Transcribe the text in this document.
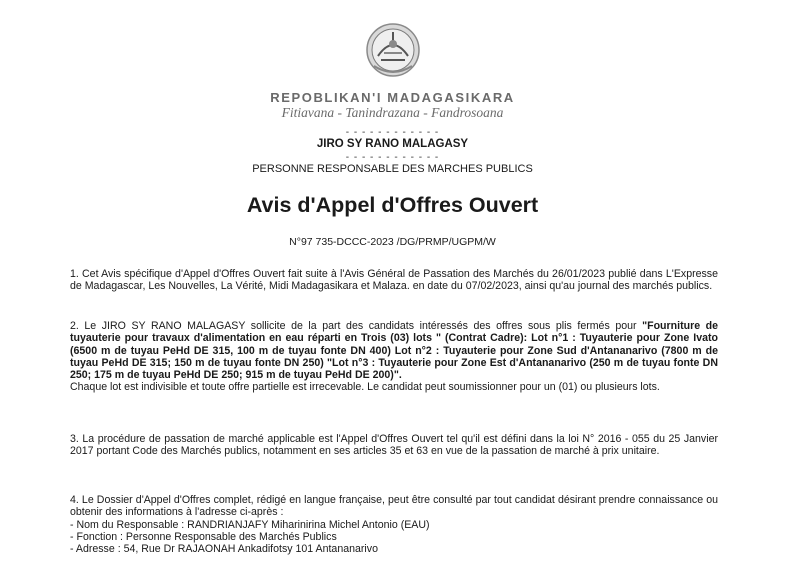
REPOBLIKAN'I MADAGASIKARA
Fitiavana - Tanindrazana - Fandrosoana
- - - - - - - - - - - -
JIRO SY RANO MALAGASY
- - - - - - - - - - - -
PERSONNE RESPONSABLE DES MARCHES PUBLICS
Avis d'Appel d'Offres Ouvert
N°97 735-DCCC-2023 /DG/PRMP/UGPM/W

1. Cet Avis spécifique d'Appel d'Offres Ouvert fait suite à l'Avis Général de Passation des Marchés du 26/01/2023 publié dans L'Expresse de Madagascar, Les Nouvelles, La Vérité, Midi Madagasikara et Malaza. en date du 07/02/2023, ainsi qu'au journal des marchés publics.

2. Le JIRO SY RANO MALAGASY sollicite de la part des candidats intéressés des offres sous plis fermés pour "Fourniture de tuyauterie pour travaux d'alimentation en eau réparti en Trois (03) lots " (Contrat Cadre): Lot n°1 : Tuyauterie pour Zone Ivato (6500 m de tuyau PeHd DE 315, 100 m de tuyau fonte DN 400) Lot n°2 : Tuyauterie pour Zone Sud d'Antananarivo (7800 m de tuyau PeHd DE 315; 150 m de tuyau fonte DN 250) "Lot n°3 : Tuyauterie pour Zone Est d'Antananarivo (250 m de tuyau fonte DN 250; 175 m de tuyau PeHd DE 250; 915 m de tuyau PeHd DE 200)".
Chaque lot est indivisible et toute offre partielle est irrecevable. Le candidat peut soumissionner pour un (01) ou plusieurs lots.

3. La procédure de passation de marché applicable est l'Appel d'Offres Ouvert tel qu'il est défini dans la loi N° 2016 - 055 du 25 Janvier 2017 portant Code des Marchés publics, notamment en ses articles 35 et 63 en vue de la passation de marché à prix unitaire.

4. Le Dossier d'Appel d'Offres complet, rédigé en langue française, peut être consulté par tout candidat désirant prendre connaissance ou obtenir des informations à l'adresse ci-après :
- Nom du Responsable : RANDRIANJAFY Miharinirina Michel Antonio (EAU)
- Fonction : Personne Responsable des Marchés Publics
- Adresse : 54, Rue Dr RAJAONAH Ankadifotsy 101 Antananarivo
